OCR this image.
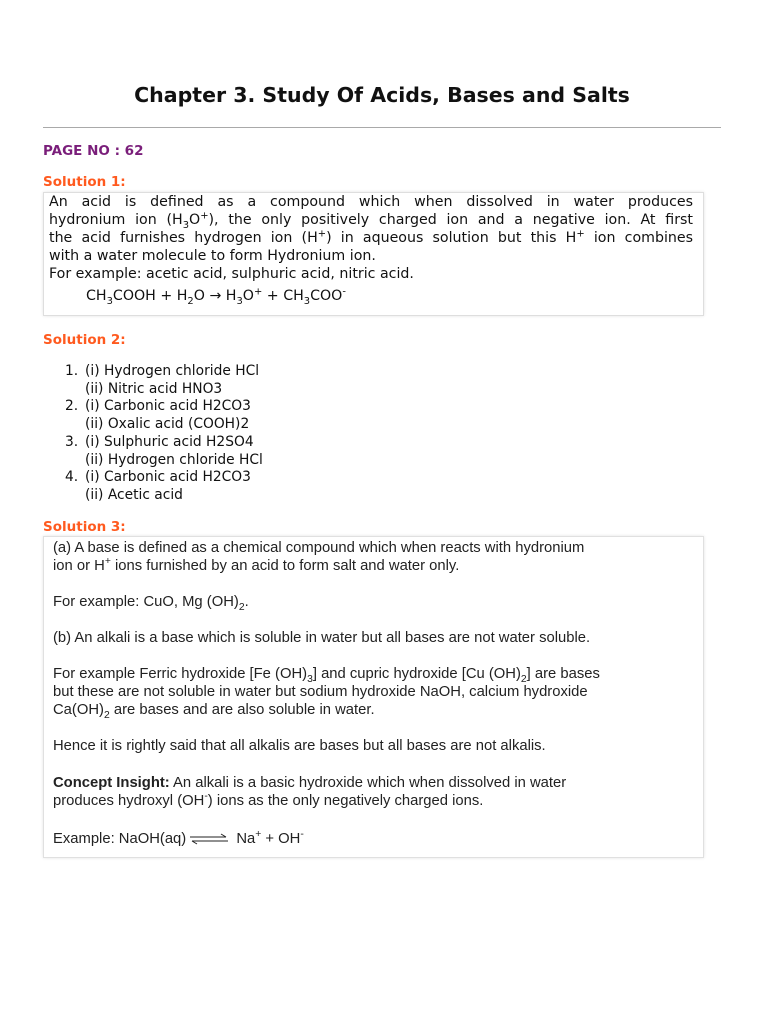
Chapter 3. Study Of Acids, Bases and Salts
PAGE NO : 62
Solution 1:
An acid is defined as a compound which when dissolved in water produces
hydronium ion $(H_3O^+)$, the only positively charged ion and a negative ion. At first
the acid furnishes hydrogen ion (H+) in aqueous solution but this H+ ion combines
with a water molecule to form Hydronium ion.
For example: acetic acid, sulphuric acid, nitric acid.
$CH_3COOH + H_2O \to H_3O^+ + CH_3COO^-$
Solution 2:
1. (i) Hydrogen chloride HCl
(ii) Nitric acid HNO3
2. (i) Carbonic acid H2CO3
(ii) Oxalic acid (COOH)2
3. (i) Sulphuric acid H2SO4
(ii) Hydrogen chloride HCl
4. (i) Carbonic acid H2CO3
(ii) Acetic acid
Solution 3:
(a) A base is defined as a chemical compound which when reacts with hydronium
ion or H+ ions furnished by an acid to form salt and water only.
For example: CuO, Mg $(OH)_2$.
(b) An alkali is a base which is soluble in water but all bases are not water soluble.
For example Ferric hydroxide [Fe $(OH)_3$] and cupric hydroxide [Cu $(OH)_2$] are bases
but these are not soluble in water but sodium hydroxide NaOH, calcium hydroxide
$Ca(OH)_2$ are bases and are also soluble in water.
Hence it is rightly said that all alkalis are bases but all bases are not alkalis.
Concept Insight: An alkali is a basic hydroxide which when dissolved in water
produces hydroxyl (OH-) ions as the only negatively charged ions.
Example: NaOH(aq) ⇌ Na+ + OH-
